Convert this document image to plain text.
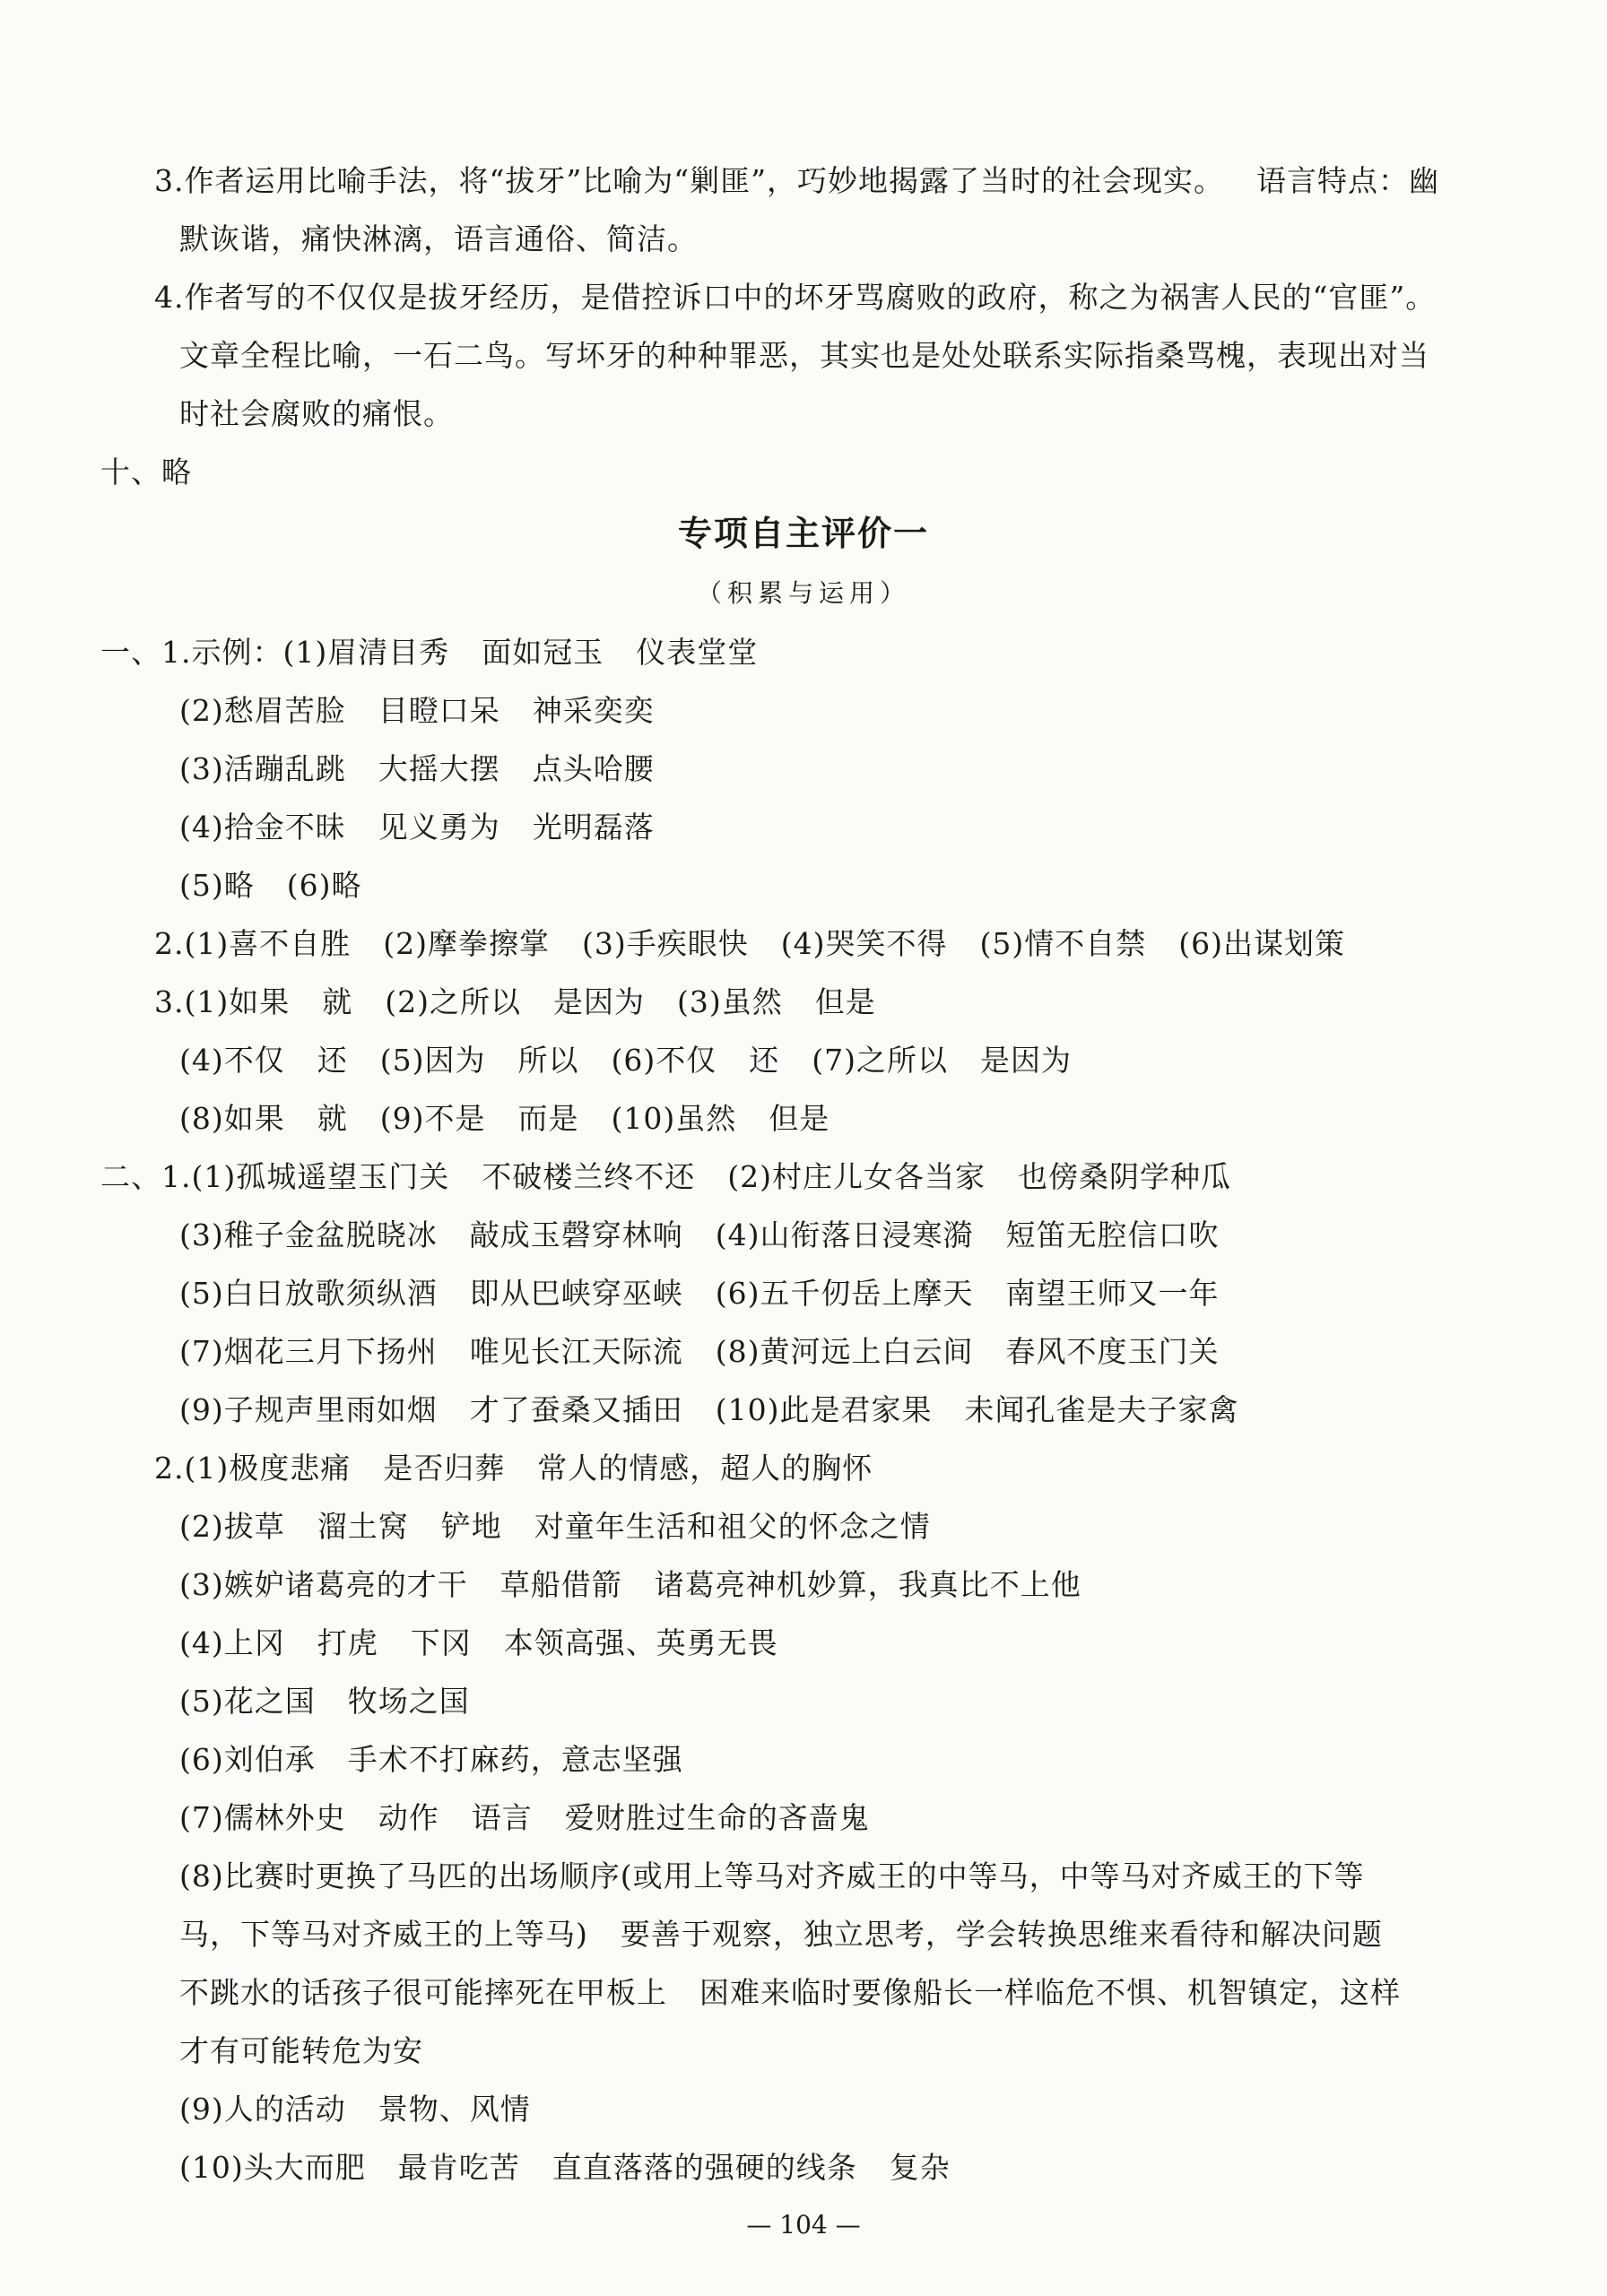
3.作者运用比喻手法，将“拔牙”比喻为“剿匪”，巧妙地揭露了当时的社会现实。 语言特点：幽
默诙谐，痛快淋漓，语言通俗、简洁。
4.作者写的不仅仅是拔牙经历，是借控诉口中的坏牙骂腐败的政府，称之为祸害人民的“官匪”。
文章全程比喻，一石二鸟。写坏牙的种种罪恶，其实也是处处联系实际指桑骂槐，表现出对当
时社会腐败的痛恨。
十、略
专项自主评价一
（积累与运用）
一、1.示例：(1)眉清目秀 面如冠玉 仪表堂堂
(2)愁眉苦脸 目瞪口呆 神采奕奕
(3)活蹦乱跳 大摇大摆 点头哈腰
(4)拾金不昧 见义勇为 光明磊落
(5)略 (6)略
2.(1)喜不自胜 (2)摩拳擦掌 (3)手疾眼快 (4)哭笑不得 (5)情不自禁 (6)出谋划策
3.(1)如果 就 (2)之所以 是因为 (3)虽然 但是
(4)不仅 还 (5)因为 所以 (6)不仅 还 (7)之所以 是因为
(8)如果 就 (9)不是 而是 (10)虽然 但是
二、1.(1)孤城遥望玉门关 不破楼兰终不还 (2)村庄儿女各当家 也傍桑阴学种瓜
(3)稚子金盆脱晓冰 敲成玉磬穿林响 (4)山衔落日浸寒漪 短笛无腔信口吹
(5)白日放歌须纵酒 即从巴峡穿巫峡 (6)五千仞岳上摩天 南望王师又一年
(7)烟花三月下扬州 唯见长江天际流 (8)黄河远上白云间 春风不度玉门关
(9)子规声里雨如烟 才了蚕桑又插田 (10)此是君家果 未闻孔雀是夫子家禽
2.(1)极度悲痛 是否归葬 常人的情感，超人的胸怀
(2)拔草 溜土窝 铲地 对童年生活和祖父的怀念之情
(3)嫉妒诸葛亮的才干 草船借箭 诸葛亮神机妙算，我真比不上他
(4)上冈 打虎 下冈 本领高强、英勇无畏
(5)花之国 牧场之国
(6)刘伯承 手术不打麻药，意志坚强
(7)儒林外史 动作 语言 爱财胜过生命的吝啬鬼
(8)比赛时更换了马匹的出场顺序(或用上等马对齐威王的中等马，中等马对齐威王的下等
马，下等马对齐威王的上等马) 要善于观察，独立思考，学会转换思维来看待和解决问题
不跳水的话孩子很可能摔死在甲板上 困难来临时要像船长一样临危不惧、机智镇定，这样
才有可能转危为安
(9)人的活动 景物、风情
(10)头大而肥 最肯吃苦 直直落落的强硬的线条 复杂
— 104 —
